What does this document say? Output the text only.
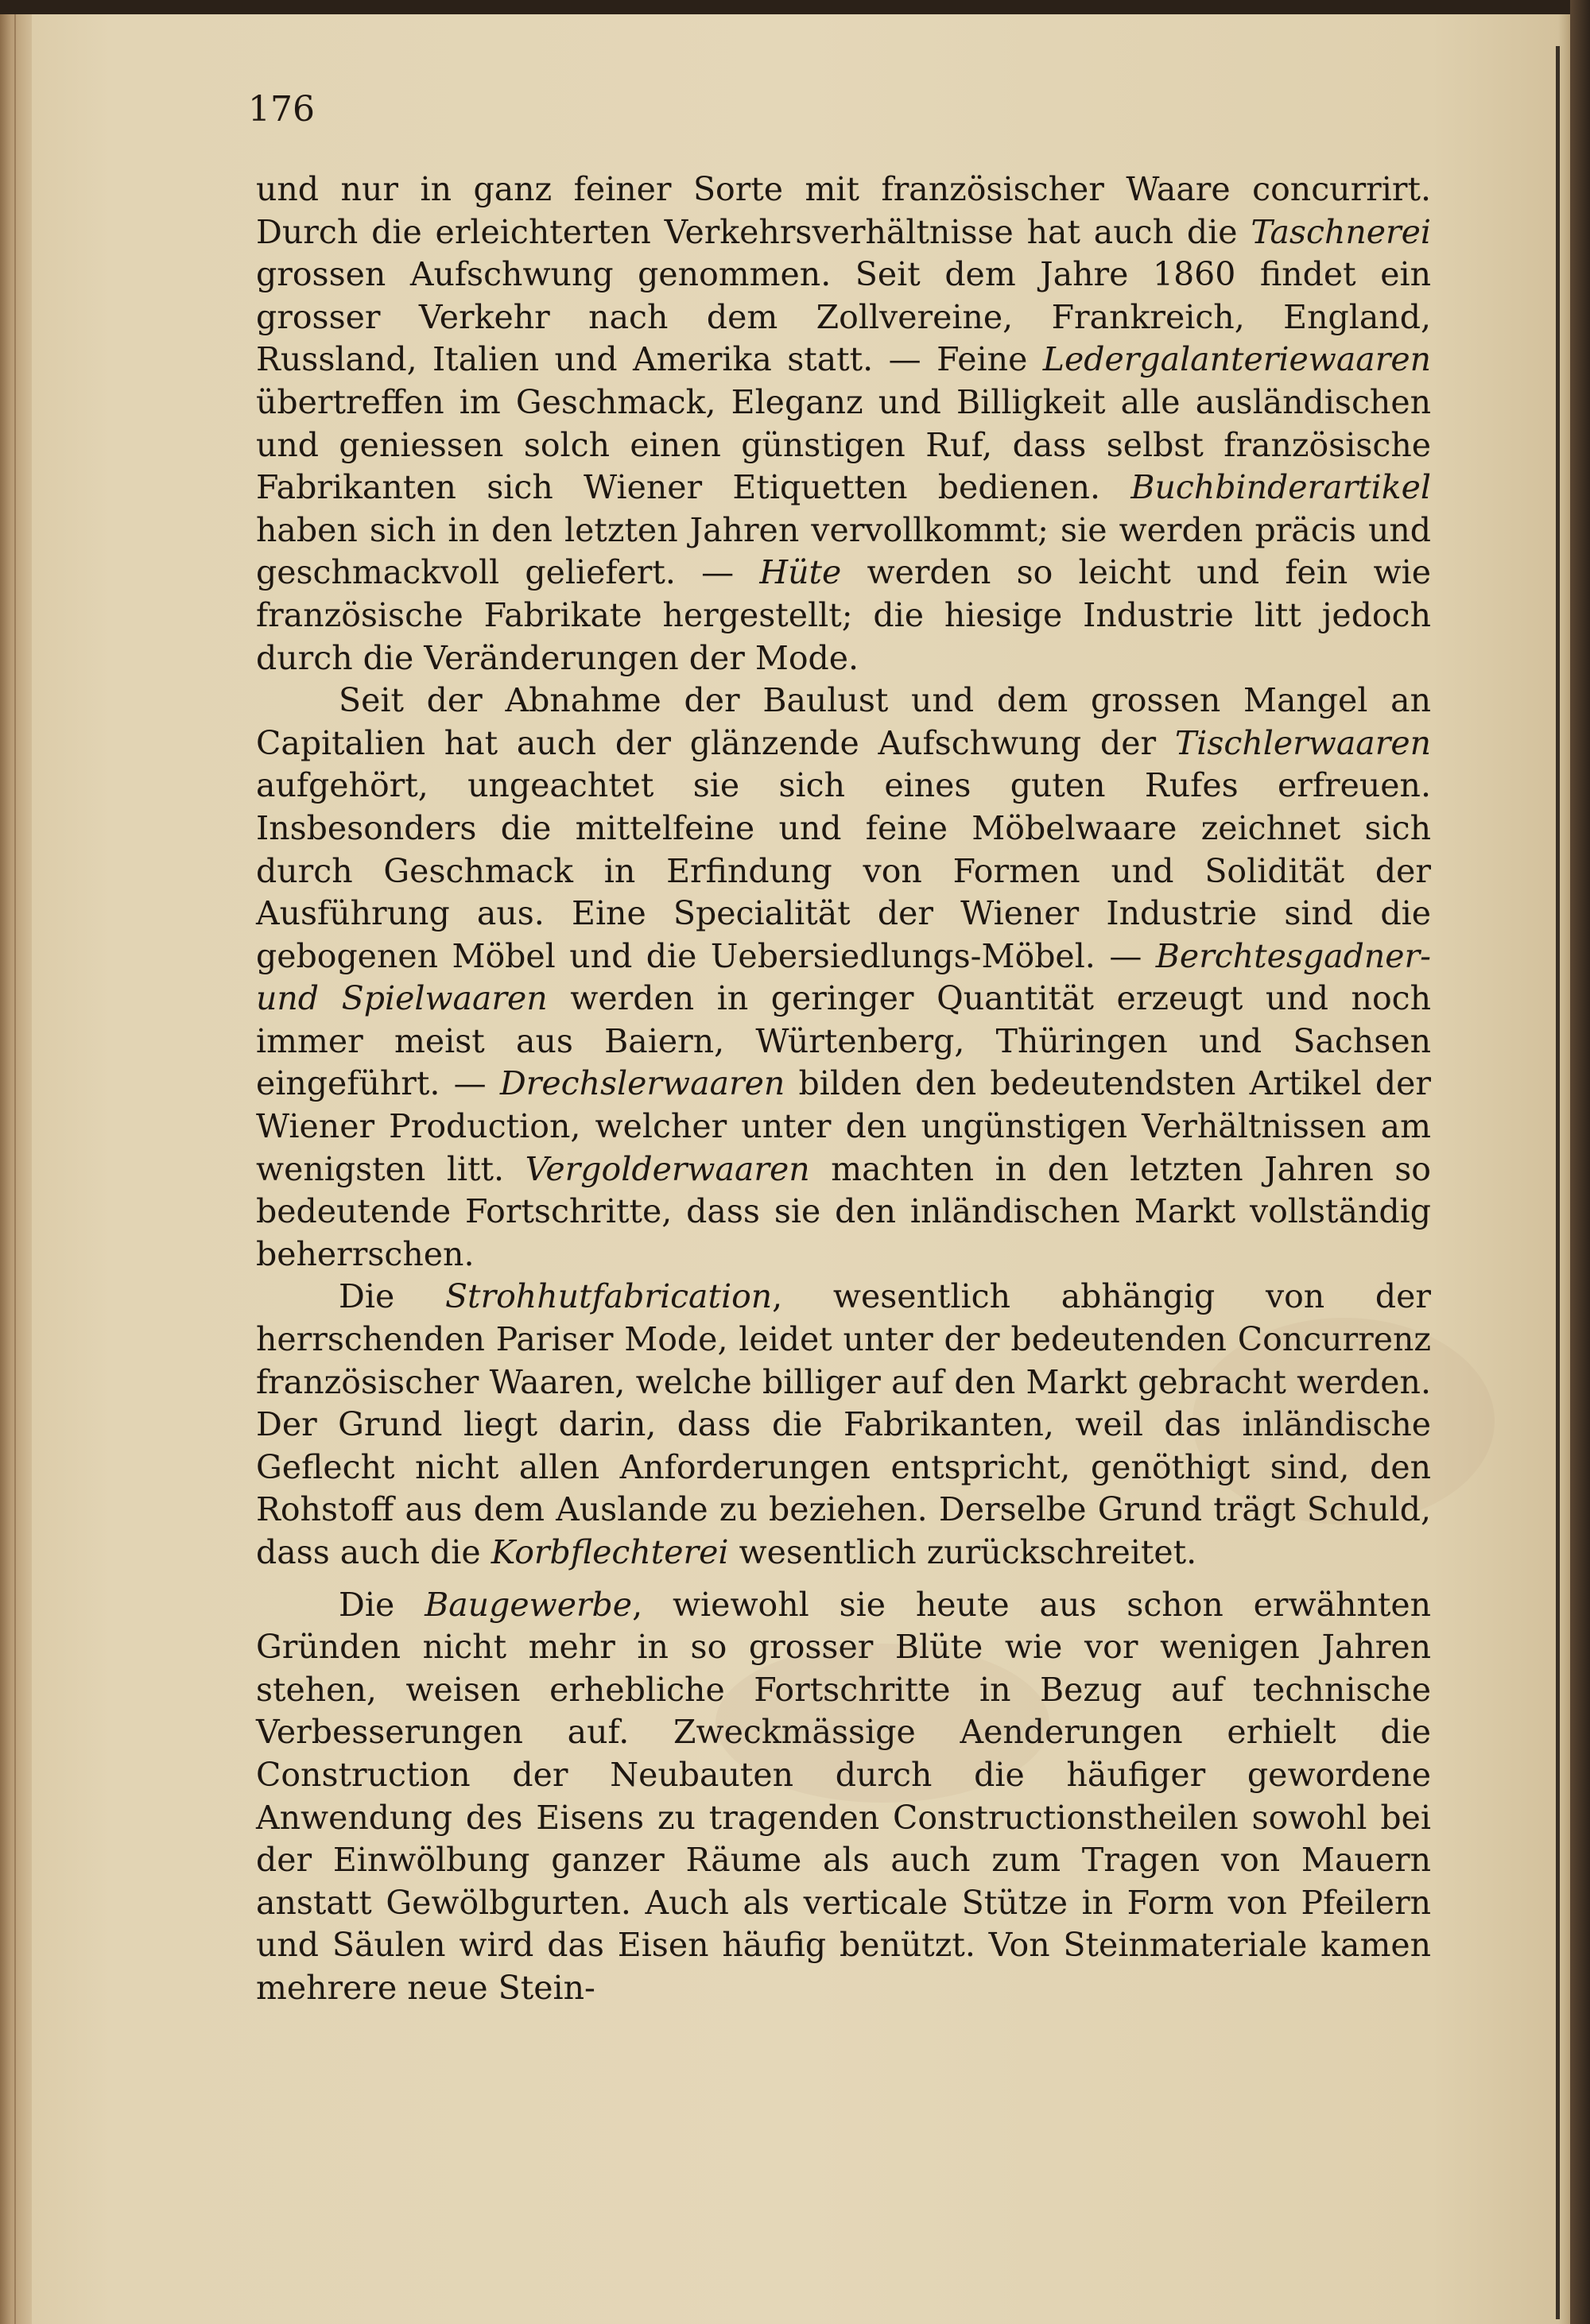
176

und nur in ganz feiner Sorte mit französischer Waare concurrirt. Durch die erleichterten Verkehrsverhältnisse hat auch die Taschnerei grossen Aufschwung genommen. Seit dem Jahre 1860 findet ein grosser Verkehr nach dem Zollvereine, Frankreich, England, Russland, Italien und Amerika statt. — Feine Ledergalanteriewaaren übertreffen im Geschmack, Eleganz und Billigkeit alle ausländischen und geniessen solch einen günstigen Ruf, dass selbst französische Fabrikanten sich Wiener Etiquetten bedienen. Buchbinderartikel haben sich in den letzten Jahren vervollkommt; sie werden präcis und geschmackvoll geliefert. — Hüte werden so leicht und fein wie französische Fabrikate hergestellt; die hiesige Industrie litt jedoch durch die Veränderungen der Mode.

Seit der Abnahme der Baulust und dem grossen Mangel an Capitalien hat auch der glänzende Aufschwung der Tischlerwaaren aufgehört, ungeachtet sie sich eines guten Rufes erfreuen. Insbesonders die mittelfeine und feine Möbelwaare zeichnet sich durch Geschmack in Erfindung von Formen und Solidität der Ausführung aus. Eine Specialität der Wiener Industrie sind die gebogenen Möbel und die Uebersiedlungs-Möbel. — Berchtesgadner- und Spielwaaren werden in geringer Quantität erzeugt und noch immer meist aus Baiern, Würtenberg, Thüringen und Sachsen eingeführt. — Drechslerwaaren bilden den bedeutendsten Artikel der Wiener Production, welcher unter den ungünstigen Verhältnissen am wenigsten litt. Vergolderwaaren machten in den letzten Jahren so bedeutende Fortschritte, dass sie den inländischen Markt vollständig beherrschen.

Die Strohhutfabrication, wesentlich abhängig von der herrschenden Pariser Mode, leidet unter der bedeutenden Concurrenz französischer Waaren, welche billiger auf den Markt gebracht werden. Der Grund liegt darin, dass die Fabrikanten, weil das inländische Geflecht nicht allen Anforderungen entspricht, genöthigt sind, den Rohstoff aus dem Auslande zu beziehen. Derselbe Grund trägt Schuld, dass auch die Korbflechterei wesentlich zurückschreitet.

Die Baugewerbe, wiewohl sie heute aus schon erwähnten Gründen nicht mehr in so grosser Blüte wie vor wenigen Jahren stehen, weisen erhebliche Fortschritte in Bezug auf technische Verbesserungen auf. Zweckmässige Aenderungen erhielt die Construction der Neubauten durch die häufiger gewordene Anwendung des Eisens zu tragenden Constructionstheilen sowohl bei der Einwölbung ganzer Räume als auch zum Tragen von Mauern anstatt Gewölbgurten. Auch als verticale Stütze in Form von Pfeilern und Säulen wird das Eisen häufig benützt. Von Steinmateriale kamen mehrere neue Stein-
